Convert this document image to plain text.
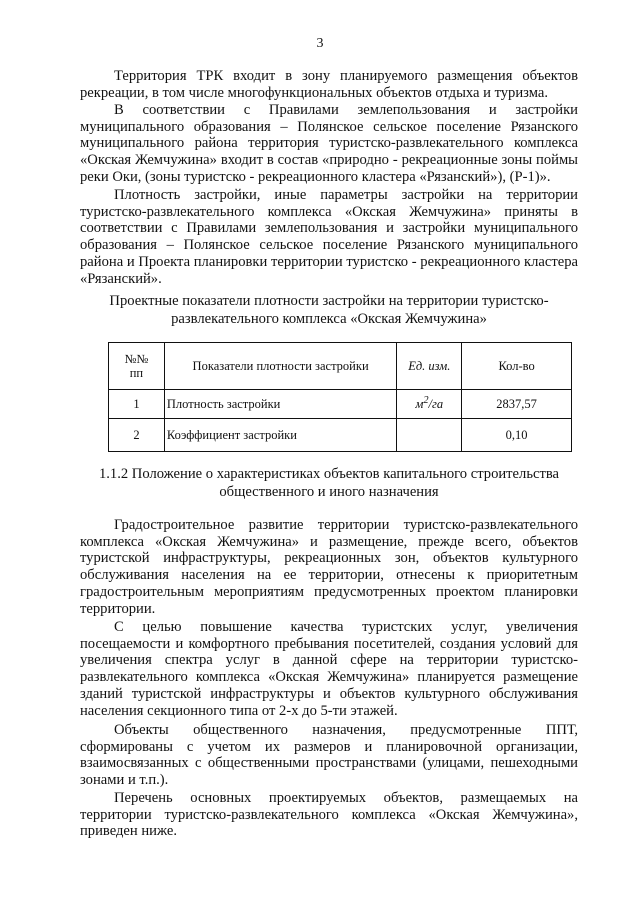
3

Территория ТРК входит в зону планируемого размещения объектов рекреации, в том числе многофункциональных объектов отдыха и туризма.

В соответствии с Правилами землепользования и застройки муниципального образования – Полянское сельское поселение Рязанского муниципального района территория туристско-развлекательного комплекса «Окская Жемчужина» входит в состав «природно - рекреационные зоны поймы реки Оки, (зоны туристско - рекреационного кластера «Рязанский»), (Р-1)».

Плотность застройки, иные параметры застройки на территории туристско-развлекательного комплекса «Окская Жемчужина» приняты в соответствии с Правилами землепользования и застройки муниципального образования – Полянское сельское поселение Рязанского муниципального района и Проекта планировки территории туристско - рекреационного кластера «Рязанский».

Проектные показатели плотности застройки на территории туристско-
развлекательного комплекса «Окская Жемчужина»
№№
пп	Показатели плотности застройки	Ед. изм.	Кол-во
1	Плотность застройки	$м^2/га$	2837,57
2	Коэффициент застройки		0,10
1.1.2 Положение о характеристиках объектов капитального строительства
общественного и иного назначения

Градостроительное развитие территории туристско-развлекательного комплекса «Окская Жемчужина» и размещение, прежде всего, объектов туристской инфраструктуры, рекреационных зон, объектов культурного обслуживания населения на ее территории, отнесены к приоритетным градостроительным мероприятиям предусмотренных проектом планировки территории.

С целью повышение качества туристских услуг, увеличения посещаемости и комфортного пребывания посетителей, создания условий для увеличения спектра услуг в данной сфере на территории туристско-развлекательного комплекса «Окская Жемчужина» планируется размещение зданий туристской инфраструктуры и объектов культурного обслуживания населения секционного типа от 2-х до 5-ти этажей.

Объекты общественного назначения, предусмотренные ППТ, сформированы с учетом их размеров и планировочной организации, взаимосвязанных с общественными пространствами (улицами, пешеходными зонами и т.п.).

Перечень основных проектируемых объектов, размещаемых на территории туристско-развлекательного комплекса «Окская Жемчужина», приведен ниже.
